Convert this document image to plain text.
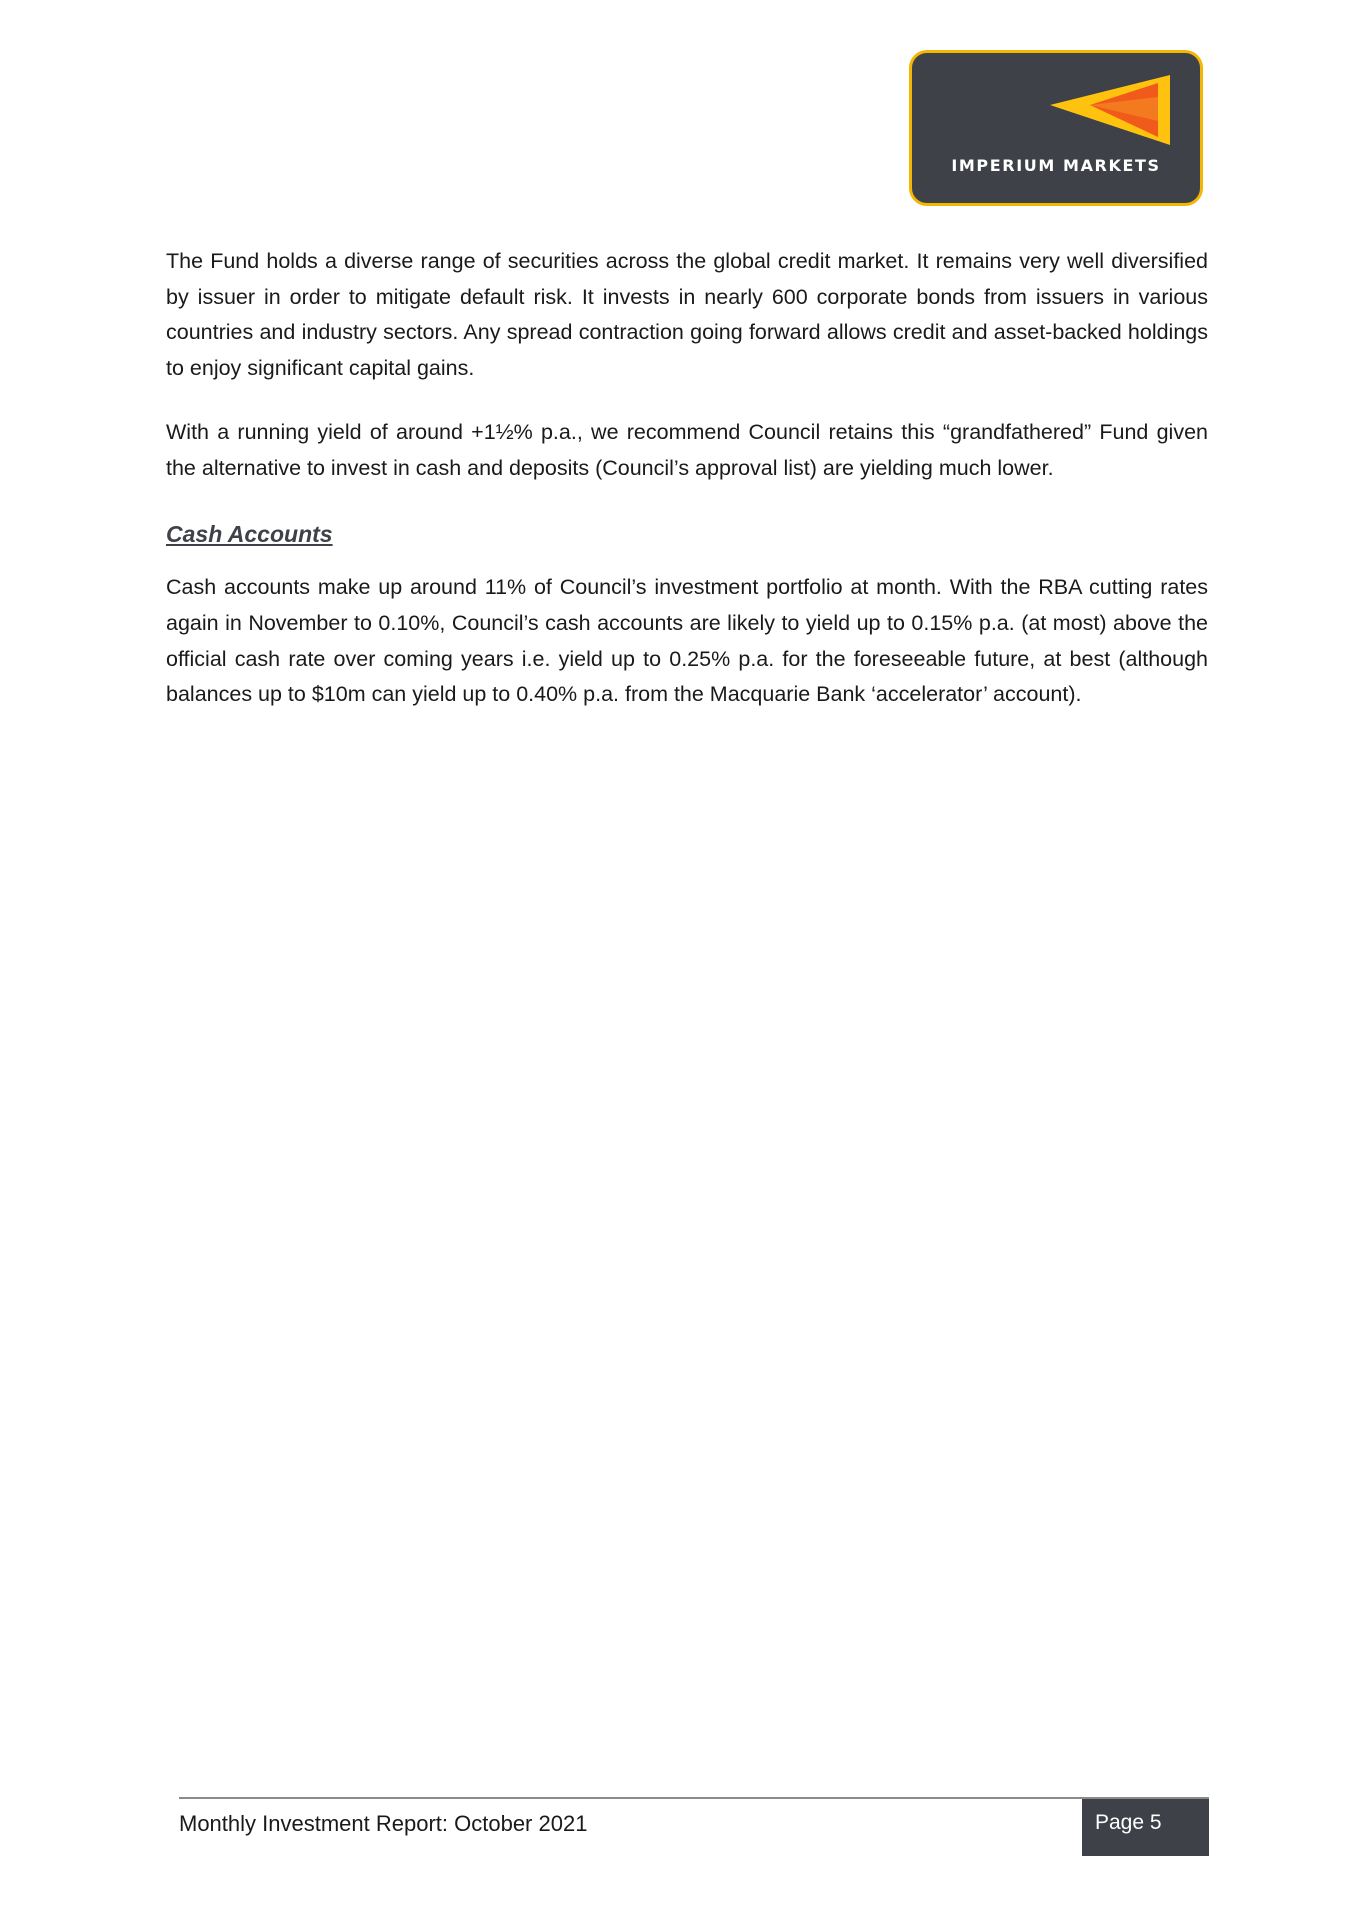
IMPERIUM MARKETS

The Fund holds a diverse range of securities across the global credit market. It remains very well diversified by issuer in order to mitigate default risk. It invests in nearly 600 corporate bonds from issuers in various countries and industry sectors. Any spread contraction going forward allows credit and asset-backed holdings to enjoy significant capital gains.

With a running yield of around +1½% p.a., we recommend Council retains this “grandfathered” Fund given the alternative to invest in cash and deposits (Council’s approval list) are yielding much lower.

Cash Accounts

Cash accounts make up around 11% of Council’s investment portfolio at month. With the RBA cutting rates again in November to 0.10%, Council’s cash accounts are likely to yield up to 0.15% p.a. (at most) above the official cash rate over coming years i.e. yield up to 0.25% p.a. for the foreseeable future, at best (although balances up to $10m can yield up to 0.40% p.a. from the Macquarie Bank ‘accelerator’ account).

Monthly Investment Report: October 2021	Page 5
